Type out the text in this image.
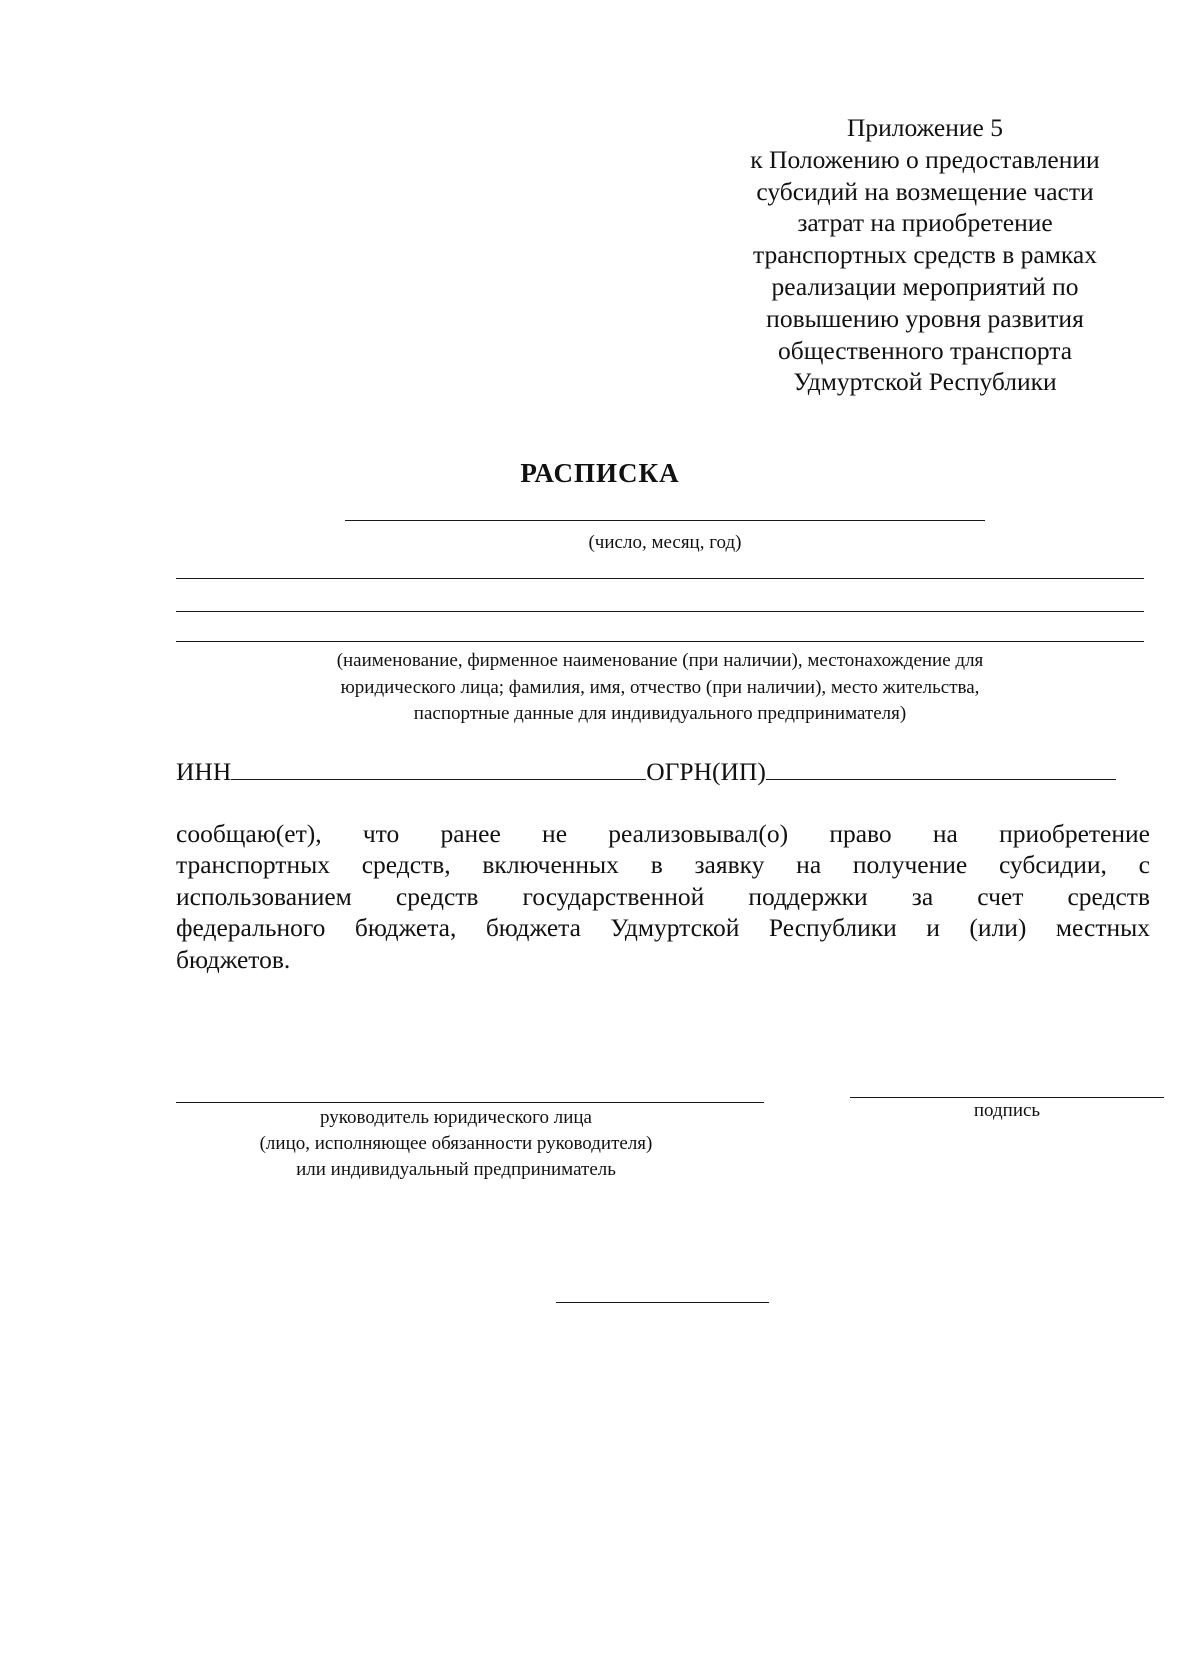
Приложение 5
к Положению о предоставлении
субсидий на возмещение части
затрат на приобретение
транспортных средств в рамках
реализации мероприятий по
повышению уровня развития
общественного транспорта
Удмуртской Республики
РАСПИСКА
(число, месяц, год)
(наименование, фирменное наименование (при наличии), местонахождение для
юридического лица; фамилия, имя, отчество (при наличии), место жительства,
паспортные данные для индивидуального предпринимателя)
ИНН	ОГРН(ИП)
сообщаю(ет), что ранее не реализовывал(о) право на приобретение
транспортных средств, включенных в заявку на получение субсидии, с
использованием средств государственной поддержки за счет средств
федерального бюджета, бюджета Удмуртской Республики и (или) местных
бюджетов.
руководитель юридического лица
(лицо, исполняющее обязанности руководителя)
или индивидуальный предприниматель
подпись
